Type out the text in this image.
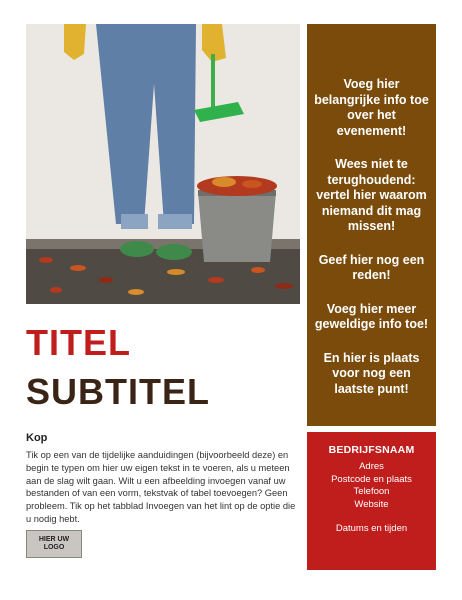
Voeg hier belangrijke info toe over het evenement!

Wees niet te terughoudend: vertel hier waarom niemand dit mag missen!

Geef hier nog een reden!

Voeg hier meer geweldige info toe!

En hier is plaats voor nog een laatste punt!

TITEL
SUBTITEL
Kop

Tik op een van de tijdelijke aanduidingen (bijvoorbeeld deze) en begin te typen om hier uw eigen tekst in te voeren, als u meteen aan de slag wilt gaan. Wilt u een afbeelding invoegen vanaf uw bestanden of van een vorm, tekstvak of tabel toevoegen? Geen probleem. Tik op het tabblad Invoegen van het lint op de optie die u nodig hebt.

HIER UW LOGO
BEDRIJFSNAAM
Adres
Postcode en plaats
Telefoon
Website
Datums en tijden
